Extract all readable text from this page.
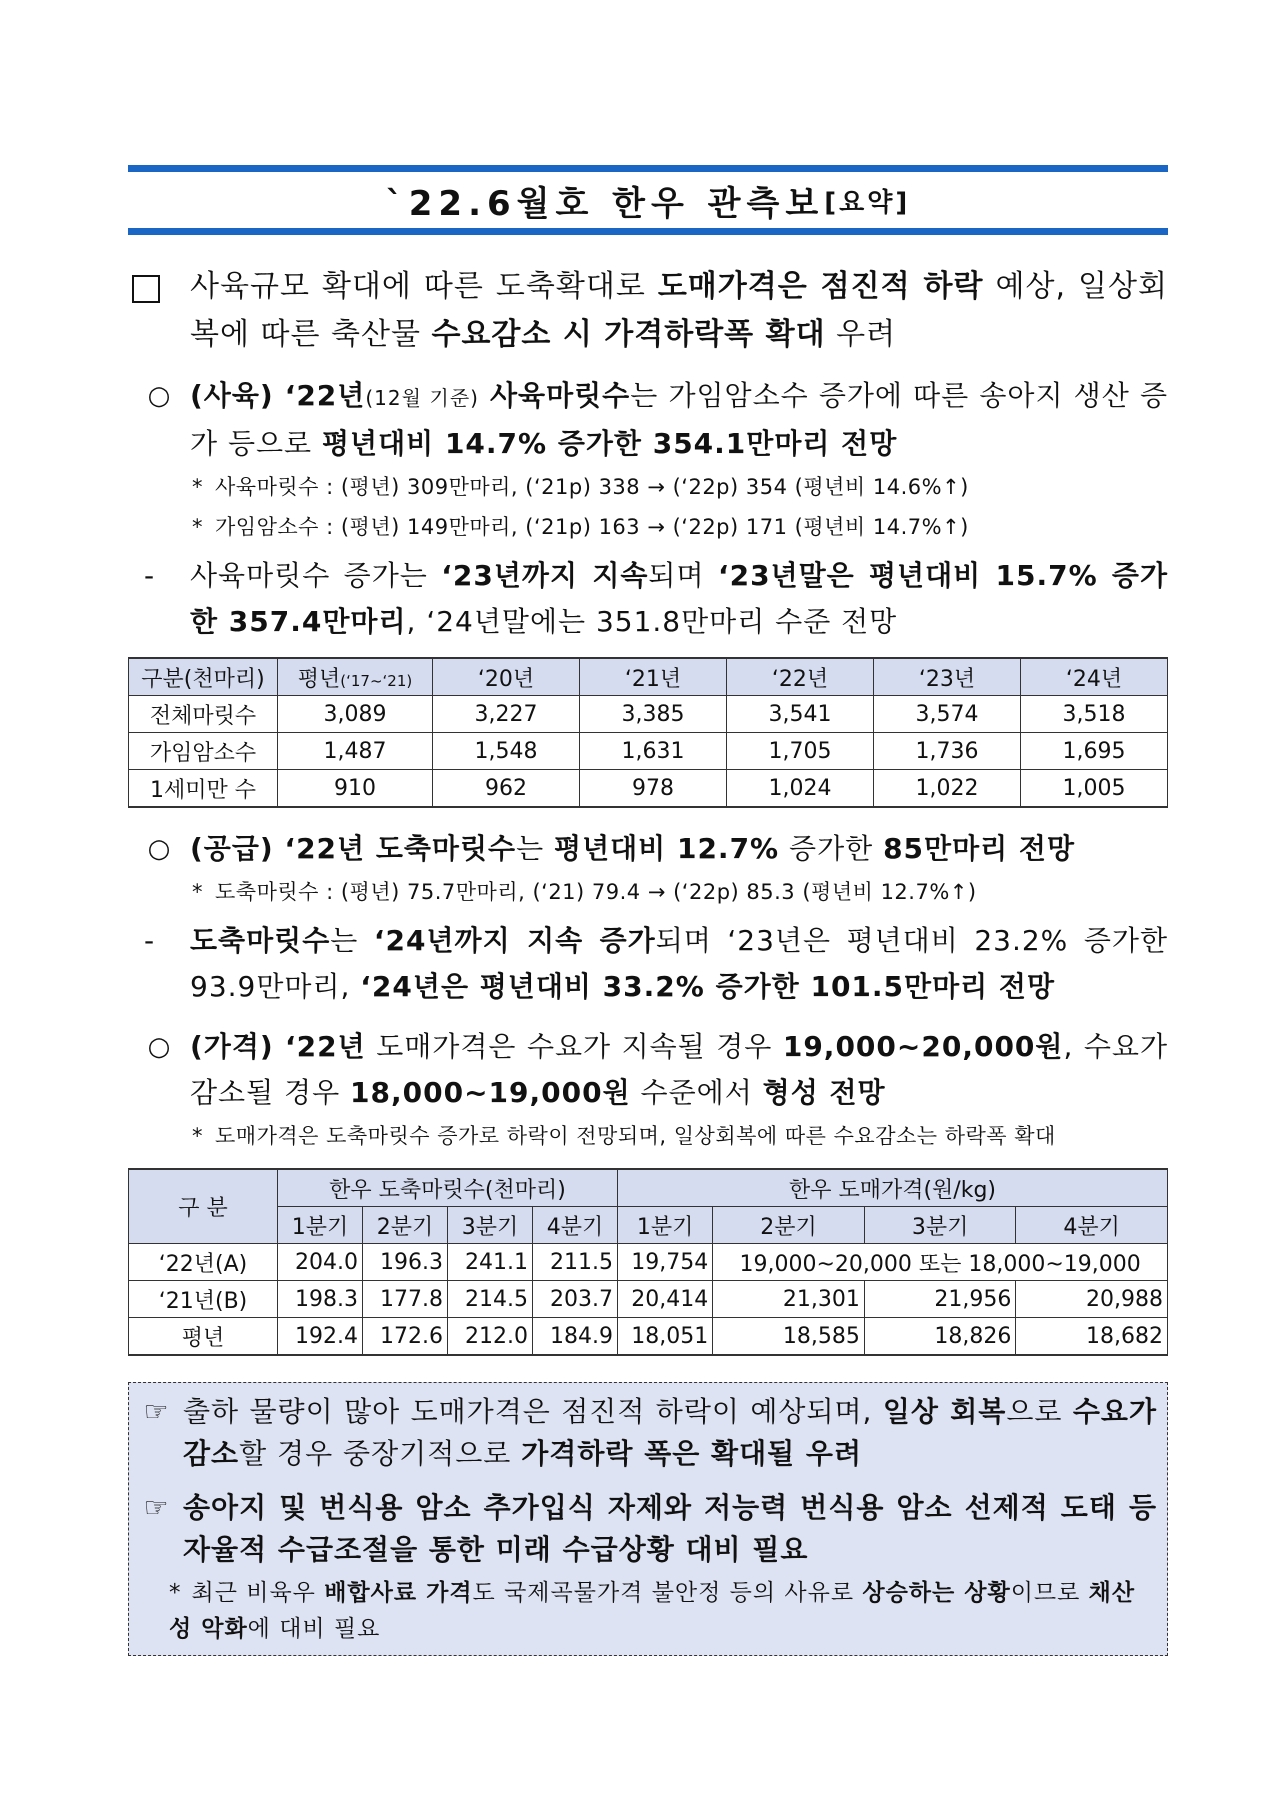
`22.6월호 한우 관측보 [요약]
사육규모 확대에 따른 도축확대로 도매가격은 점진적 하락 예상, 일상회복에 따른 축산물 수요감소 시 가격하락폭 확대 우려
○ (사육) ‘22년(12월 기준) 사육마릿수는 가임암소수 증가에 따른 송아지 생산 증가 등으로 평년대비 14.7% 증가한 354.1만마리 전망
* 사육마릿수 : (평년) 309만마리, (‘21p) 338 → (‘22p) 354 (평년비 14.6%↑)
* 가임암소수 : (평년) 149만마리, (‘21p) 163 → (‘22p) 171 (평년비 14.7%↑)
-	사육마릿수 증가는 ‘23년까지 지속되며 ‘23년말은 평년대비 15.7% 증가한 357.4만마리, ‘24년말에는 351.8만마리 수준 전망
구분(천마리)	평년(‘17~‘21)	‘20년	‘21년	‘22년	‘23년	‘24년
전체마릿수	3,089	3,227	3,385	3,541	3,574	3,518
가임암소수	1,487	1,548	1,631	1,705	1,736	1,695
1세미만 수	910	962	978	1,024	1,022	1,005
○ (공급) ‘22년 도축마릿수는 평년대비 12.7% 증가한 85만마리 전망
* 도축마릿수 : (평년) 75.7만마리, (‘21) 79.4 → (‘22p) 85.3 (평년비 12.7%↑)
-	도축마릿수는 ‘24년까지 지속 증가되며 ‘23년은 평년대비 23.2% 증가한 93.9만마리, ‘24년은 평년대비 33.2% 증가한 101.5만마리 전망
○ (가격) ‘22년 도매가격은 수요가 지속될 경우 19,000~20,000원, 수요가 감소될 경우 18,000~19,000원 수준에서 형성 전망
* 도매가격은 도축마릿수 증가로 하락이 전망되며, 일상회복에 따른 수요감소는 하락폭 확대
구 분	한우 도축마릿수(천마리)				한우 도매가격(원/kg)			
	1분기	2분기	3분기	4분기	1분기	2분기	3분기	4분기
‘22년(A)	204.0	196.3	241.1	211.5	19,754	19,000~20,000 또는 18,000~19,000		
‘21년(B)	198.3	177.8	214.5	203.7	20,414	21,301	21,956	20,988
평년	192.4	172.6	212.0	184.9	18,051	18,585	18,826	18,682
☞ 출하 물량이 많아 도매가격은 점진적 하락이 예상되며, 일상 회복으로 수요가 감소할 경우 중장기적으로 가격하락 폭은 확대될 우려
☞ 송아지 및 번식용 암소 추가입식 자제와 저능력 번식용 암소 선제적 도태 등 자율적 수급조절을 통한 미래 수급상황 대비 필요
* 최근 비육우 배합사료 가격도 국제곡물가격 불안정 등의 사유로 상승하는 상황이므로 채산성 악화에 대비 필요
